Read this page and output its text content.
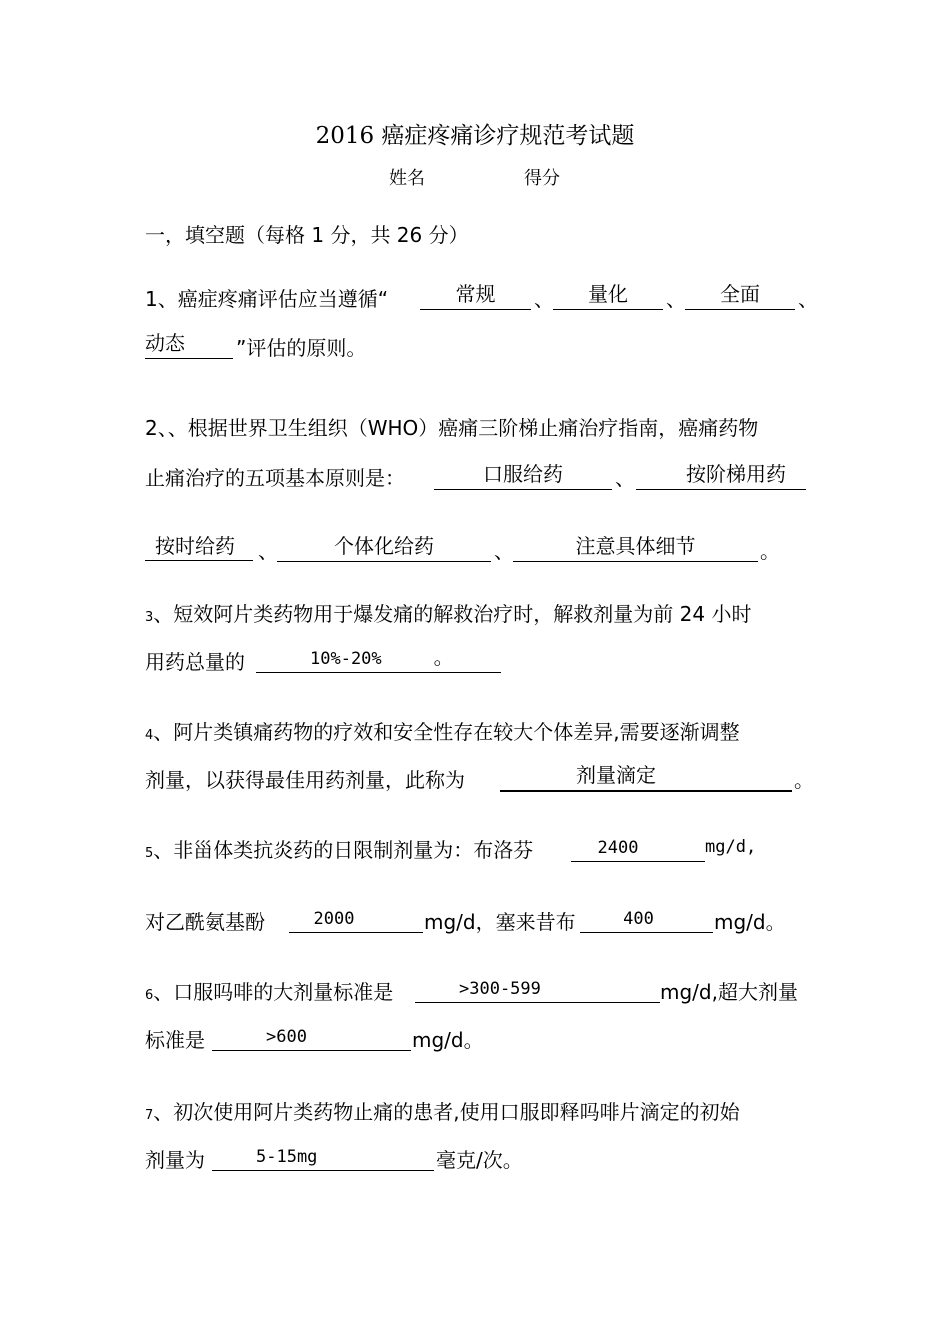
2016 癌症疼痛诊疗规范考试题
姓名	得分
一，填空题（每格 1 分，共 26 分）
1、癌症疼痛评估应当遵循“	常规	、	量化	、	全面	、
动态	”评估的原则。
2、、根据世界卫生组织（WHO）癌痛三阶梯止痛治疗指南，癌痛药物
止痛治疗的五项基本原则是：	口服给药	、	按阶梯用药
按时给药	、	个体化给药	、	注意具体细节	。
3、短效阿片类药物用于爆发痛的解救治疗时，解救剂量为前 24 小时
用药总量的	10%-20%	。
4、阿片类镇痛药物的疗效和安全性存在较大个体差异,需要逐渐调整
剂量，以获得最佳用药剂量，此称为	剂量滴定	。
5、非甾体类抗炎药的日限制剂量为：布洛芬	2400	mg/d,
对乙酰氨基酚	2000	mg/d，塞来昔布	400	mg/d。
6、口服吗啡的大剂量标准是	>300-599	mg/d,超大剂量
标准是	>600	mg/d。
7、初次使用阿片类药物止痛的患者,使用口服即释吗啡片滴定的初始
剂量为	5-15mg	毫克/次。
